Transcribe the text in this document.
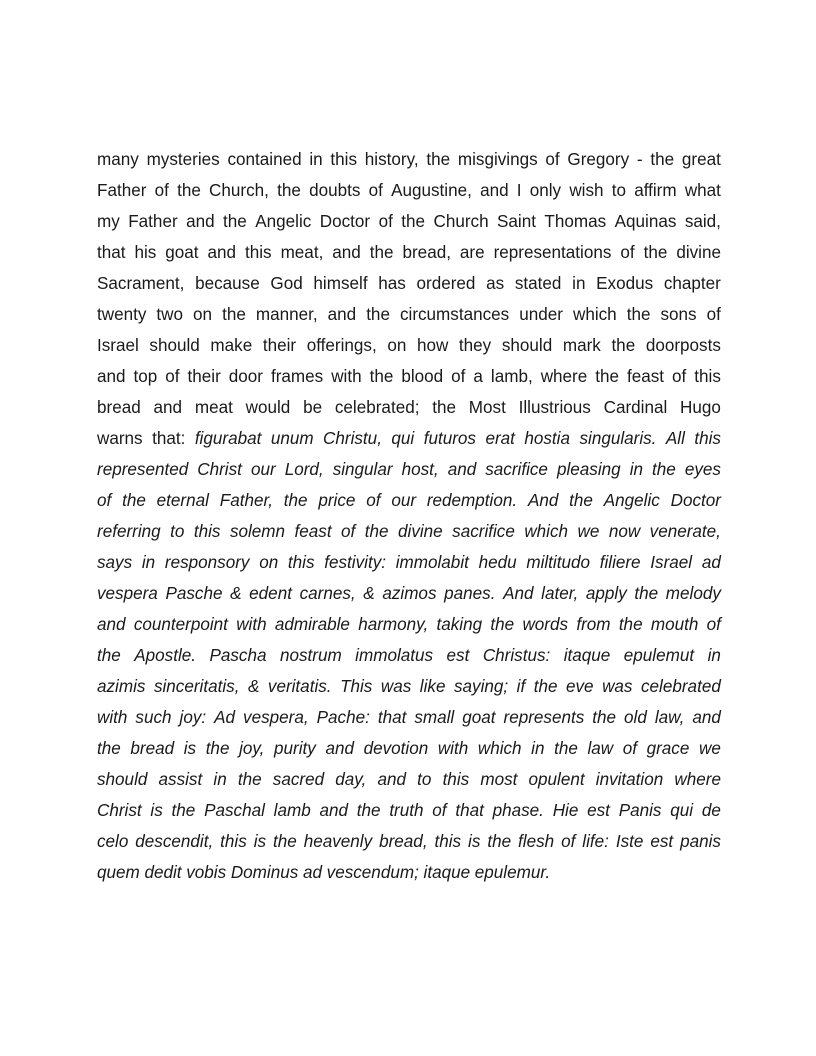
many mysteries contained in this history, the misgivings of Gregory - the great
Father of the Church, the doubts of Augustine, and I only wish to affirm what
my Father and the Angelic Doctor of the Church Saint Thomas Aquinas said,
that his goat and this meat, and the bread, are representations of the divine
Sacrament, because God himself has ordered as stated in Exodus chapter
twenty two on the manner, and the circumstances under which the sons of
Israel should make their offerings, on how they should mark the doorposts
and top of their door frames with the blood of a lamb, where the feast of this
bread and meat would be celebrated; the Most Illustrious Cardinal Hugo
warns that: figurabat unum Christu, qui futuros erat hostia singularis. All this
represented Christ our Lord, singular host, and sacrifice pleasing in the eyes
of the eternal Father, the price of our redemption. And the Angelic Doctor
referring to this solemn feast of the divine sacrifice which we now venerate,
says in responsory on this festivity: immolabit hedu miltitudo filiere Israel ad
vespera Pasche & edent carnes, & azimos panes. And later, apply the melody
and counterpoint with admirable harmony, taking the words from the mouth of
the Apostle. Pascha nostrum immolatus est Christus: itaque epulemut in
azimis sinceritatis, & veritatis. This was like saying; if the eve was celebrated
with such joy: Ad vespera, Pache: that small goat represents the old law, and
the bread is the joy, purity and devotion with which in the law of grace we
should assist in the sacred day, and to this most opulent invitation where
Christ is the Paschal lamb and the truth of that phase. Hie est Panis qui de
celo descendit, this is the heavenly bread, this is the flesh of life: Iste est panis
quem dedit vobis Dominus ad vescendum; itaque epulemur.
